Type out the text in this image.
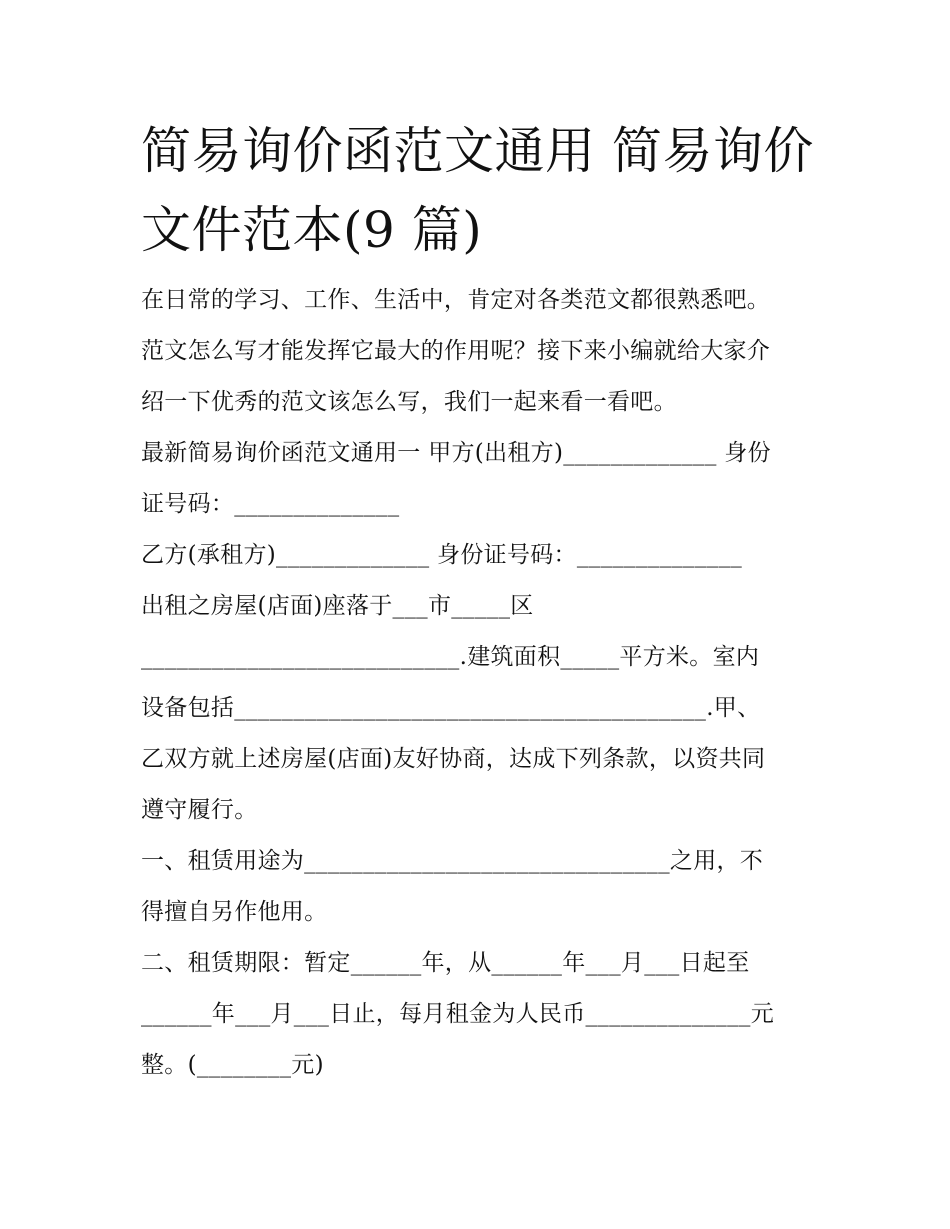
简易询价函范文通用 简易询价
文件范本(9 篇)

在日常的学习、工作、生活中，肯定对各类范文都很熟悉吧。

范文怎么写才能发挥它最大的作用呢？接下来小编就给大家介

绍一下优秀的范文该怎么写，我们一起来看一看吧。

最新简易询价函范文通用一 甲方(出租方)_____________ 身份

证号码：______________

乙方(承租方)_____________ 身份证号码：______________

出租之房屋(店面)座落于___市_____区

___________________________.建筑面积_____平方米。室内

设备包括________________________________________.甲、

乙双方就上述房屋(店面)友好协商，达成下列条款，以资共同

遵守履行。

一、租赁用途为_______________________________之用，不

得擅自另作他用。

二、租赁期限：暂定______年，从______年___月___日起至

______年___月___日止，每月租金为人民币______________元

整。(________元)
